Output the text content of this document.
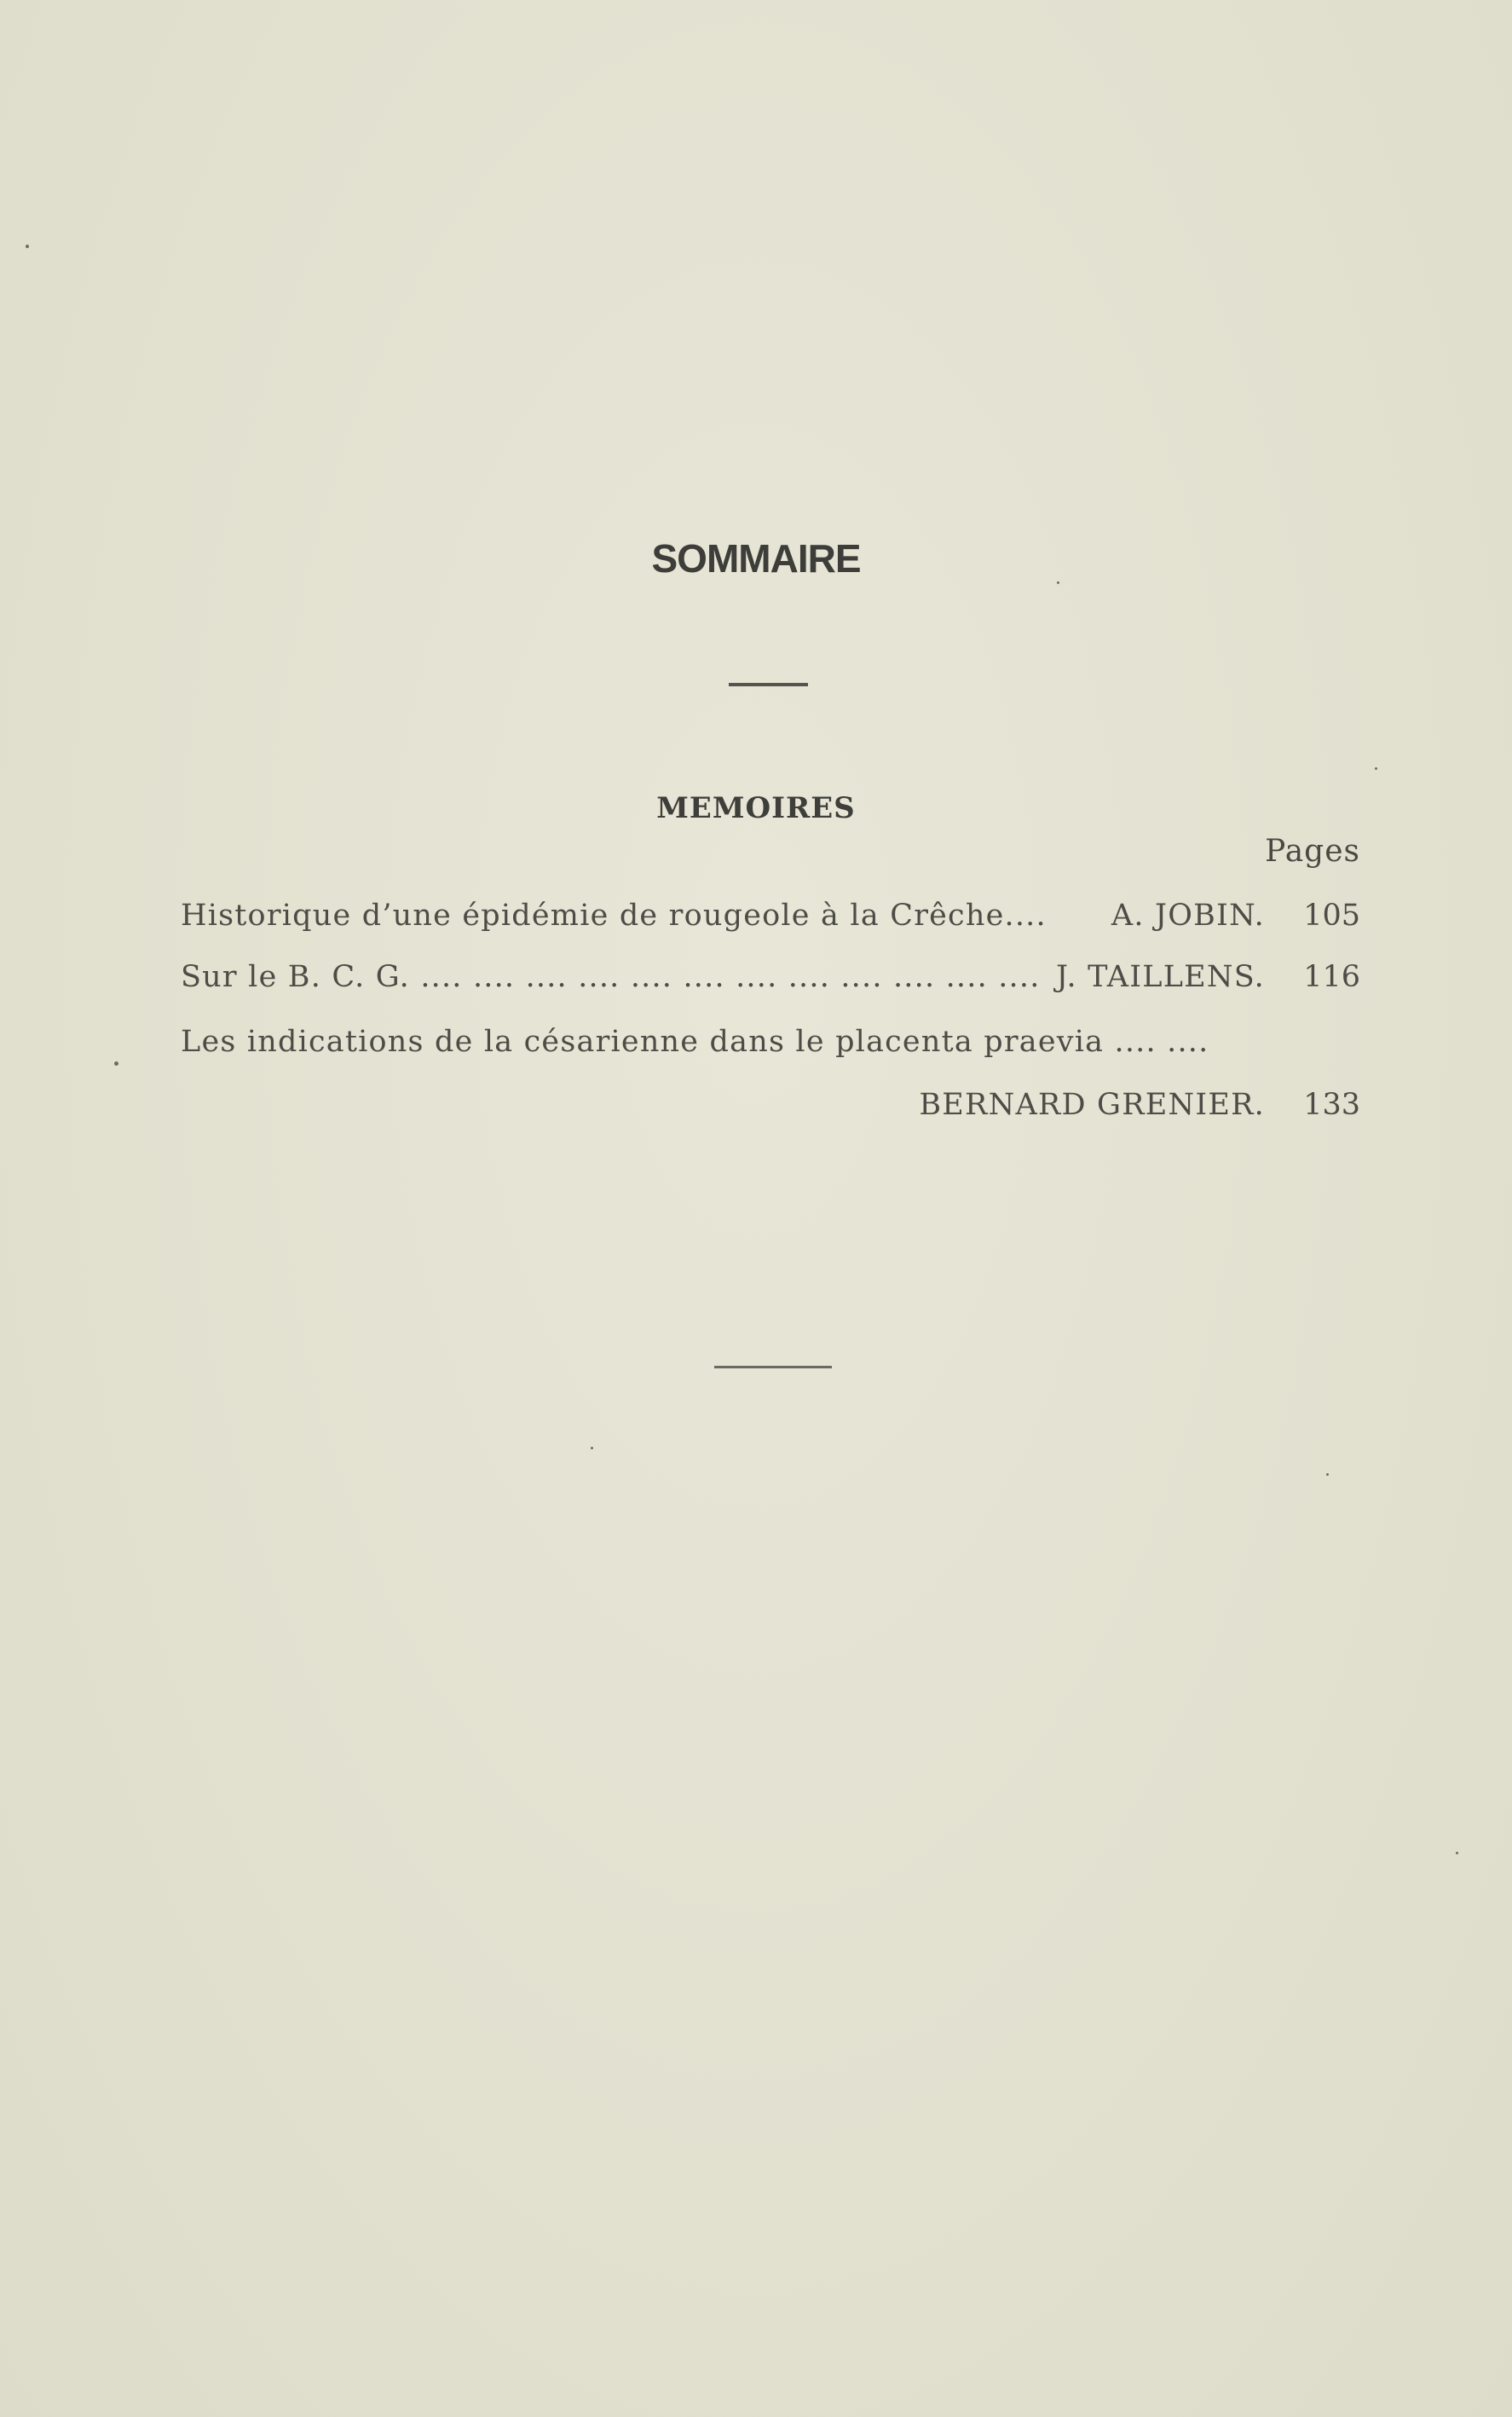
SOMMAIRE
MEMOIRES
Pages
Historique d’une épidémie de rougeole à la Crêche.... A. JOBIN. 105
Sur le B. C. G. .... .... .... .... .... .... .... .... .... .... .... .... J. TAILLENS. 116
Les indications de la césarienne dans le placenta praevia .... ....
BERNARD GRENIER. 133
